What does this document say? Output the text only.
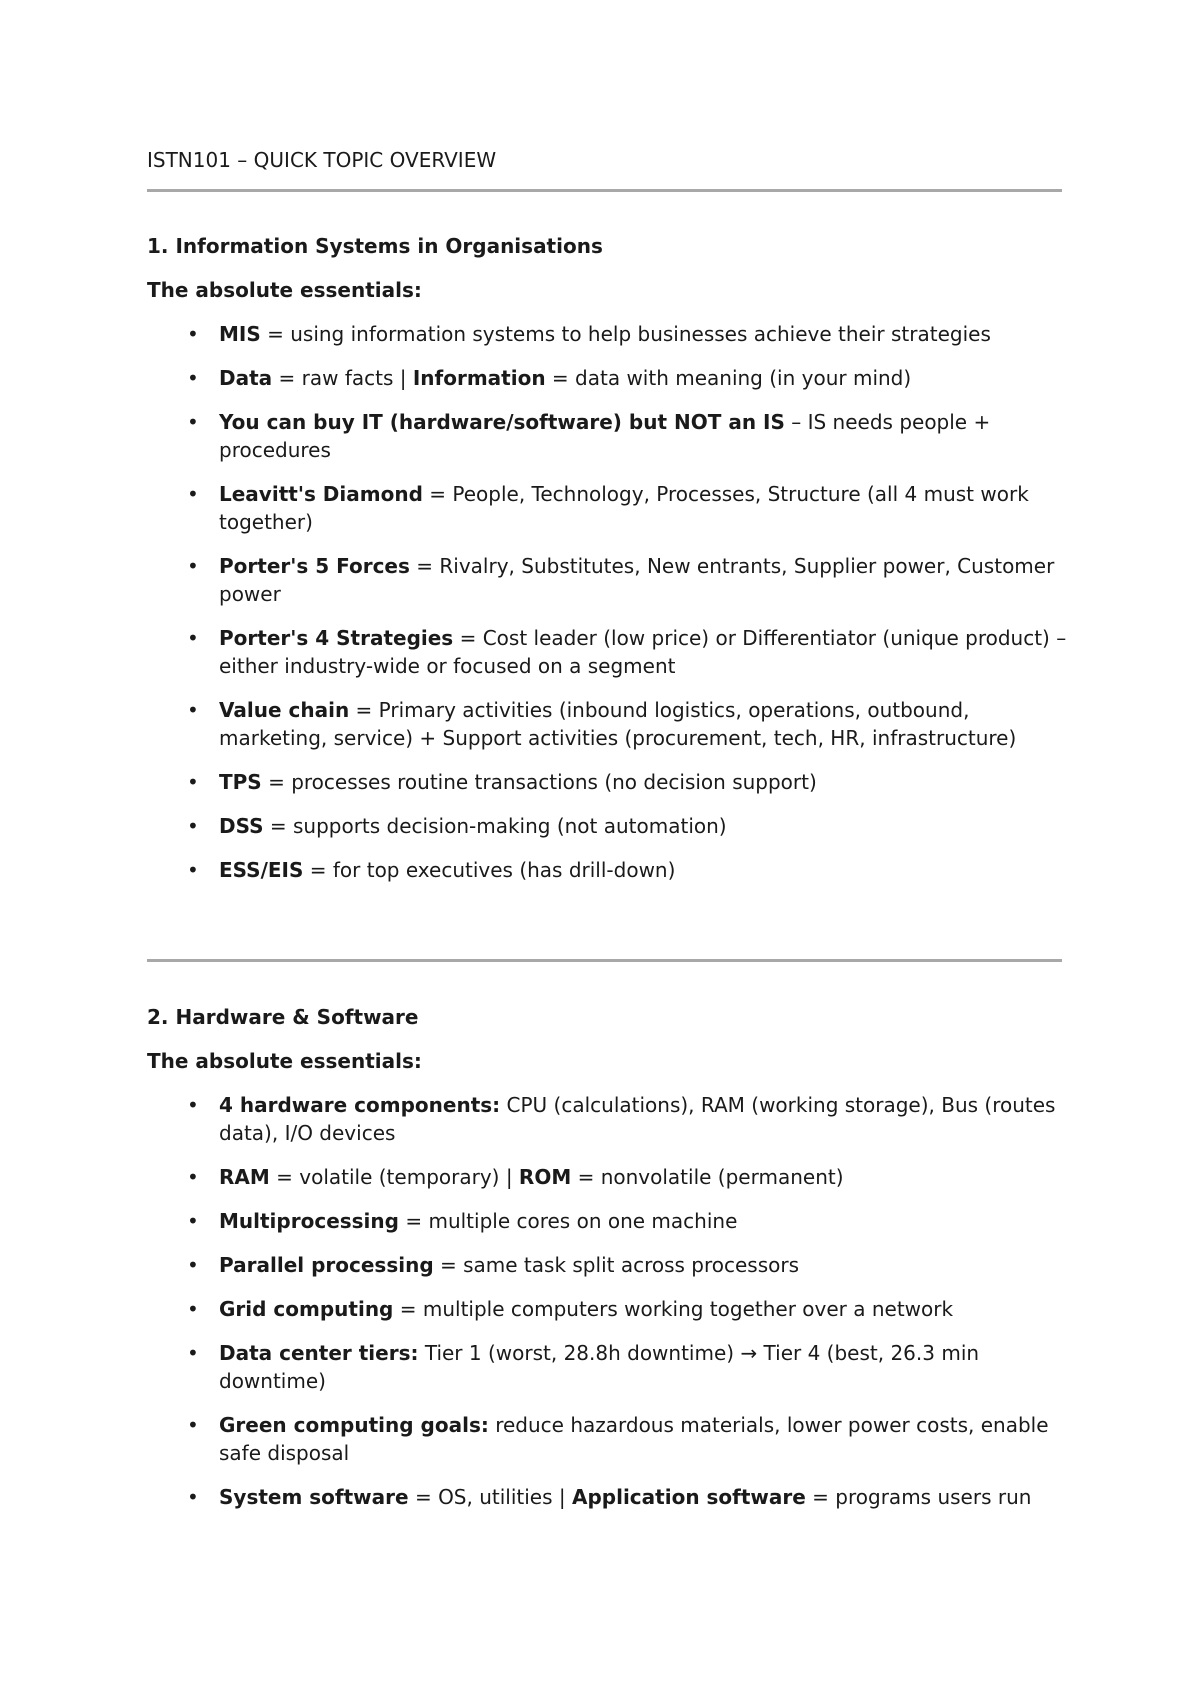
ISTN101 – QUICK TOPIC OVERVIEW
1. Information Systems in Organisations
The absolute essentials:
• MIS = using information systems to help businesses achieve their strategies
• Data = raw facts | Information = data with meaning (in your mind)
• You can buy IT (hardware/software) but NOT an IS – IS needs people + procedures
• Leavitt's Diamond = People, Technology, Processes, Structure (all 4 must work together)
• Porter's 5 Forces = Rivalry, Substitutes, New entrants, Supplier power, Customer power
• Porter's 4 Strategies = Cost leader (low price) or Differentiator (unique product) – either industry-wide or focused on a segment
• Value chain = Primary activities (inbound logistics, operations, outbound, marketing, service) + Support activities (procurement, tech, HR, infrastructure)
• TPS = processes routine transactions (no decision support)
• DSS = supports decision-making (not automation)
• ESS/EIS = for top executives (has drill-down)
2. Hardware & Software
The absolute essentials:
• 4 hardware components: CPU (calculations), RAM (working storage), Bus (routes data), I/O devices
• RAM = volatile (temporary) | ROM = nonvolatile (permanent)
• Multiprocessing = multiple cores on one machine
• Parallel processing = same task split across processors
• Grid computing = multiple computers working together over a network
• Data center tiers: Tier 1 (worst, 28.8h downtime) → Tier 4 (best, 26.3 min downtime)
• Green computing goals: reduce hazardous materials, lower power costs, enable safe disposal
• System software = OS, utilities | Application software = programs users run
